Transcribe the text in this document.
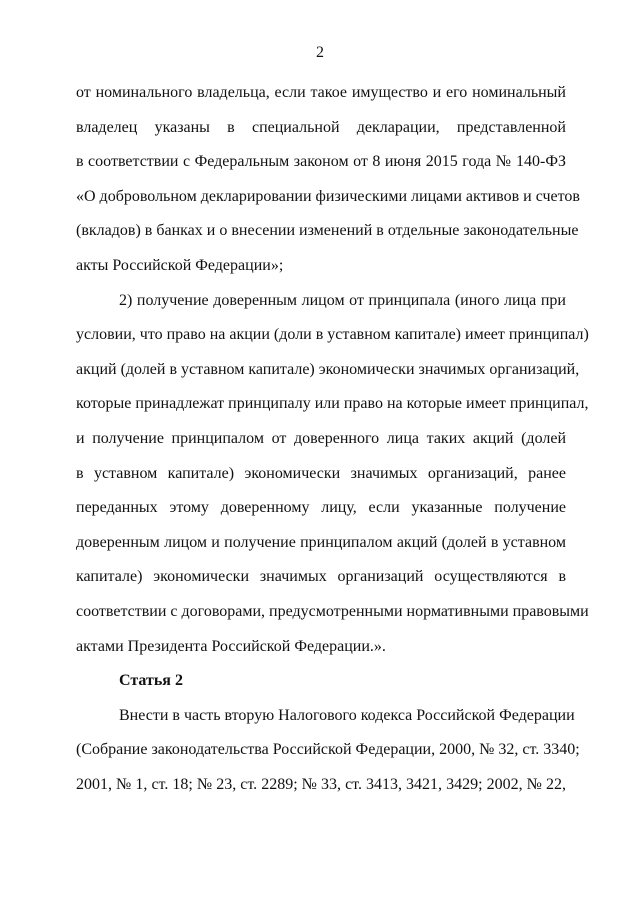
2
от номинального владельца, если такое имущество и его номинальный
владелец указаны в специальной декларации, представленной
в соответствии с Федеральным законом от 8 июня 2015 года № 140-ФЗ
«О добровольном декларировании физическими лицами активов и счетов
(вкладов) в банках и о внесении изменений в отдельные законодательные
акты Российской Федерации»;
2) получение доверенным лицом от принципала (иного лица при
условии, что право на акции (доли в уставном капитале) имеет принципал)
акций (долей в уставном капитале) экономически значимых организаций,
которые принадлежат принципалу или право на которые имеет принципал,
и получение принципалом от доверенного лица таких акций (долей
в уставном капитале) экономически значимых организаций, ранее
переданных этому доверенному лицу, если указанные получение
доверенным лицом и получение принципалом акций (долей в уставном
капитале) экономически значимых организаций осуществляются в
соответствии с договорами, предусмотренными нормативными правовыми
актами Президента Российской Федерации.».
Статья 2
Внести в часть вторую Налогового кодекса Российской Федерации
(Собрание законодательства Российской Федерации, 2000, № 32, ст. 3340;
2001, № 1, ст. 18; № 23, ст. 2289; № 33, ст. 3413, 3421, 3429; 2002, № 22,
